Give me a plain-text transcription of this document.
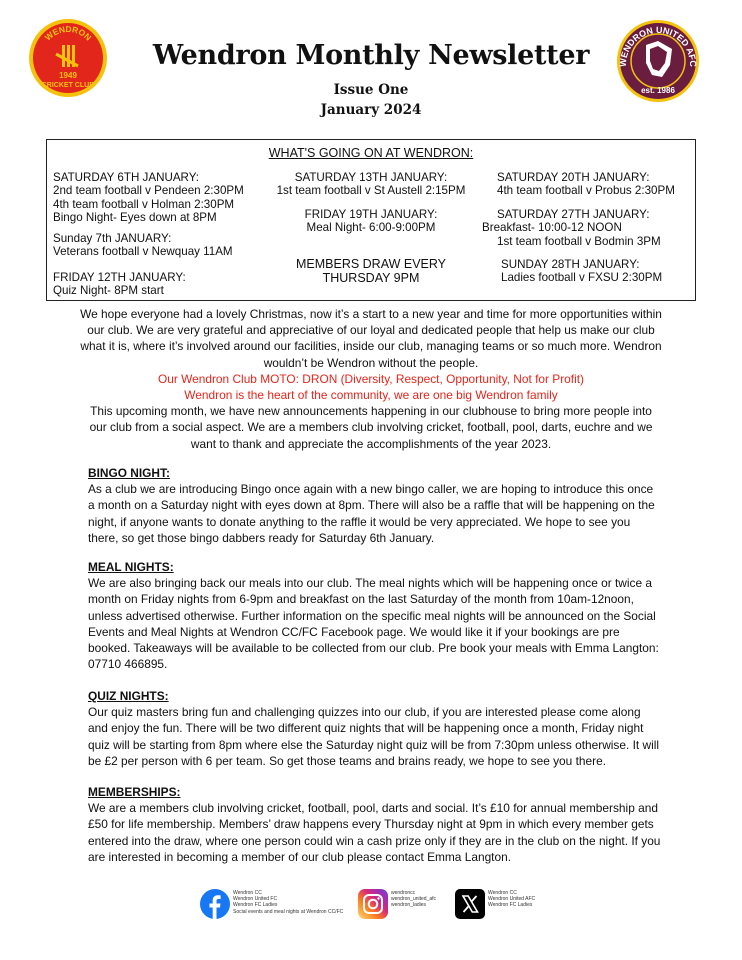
WENDRON
1949
CRICKET CLUB
Wendron Monthly Newsletter
Issue One
January 2024
WENDRON UNITED AFC
est. 1986
WHAT'S GOING ON AT WENDRON:
SATURDAY 6TH JANUARY:
2nd team football v Pendeen 2:30PM
4th team football v Holman 2:30PM
Bingo Night- Eyes down at 8PM
Sunday 7th JANUARY:
Veterans football v Newquay 11AM
FRIDAY 12TH JANUARY:
Quiz Night- 8PM start
SATURDAY 13TH JANUARY:
1st team football v St Austell 2:15PM
FRIDAY 19TH JANUARY:
Meal Night- 6:00-9:00PM
MEMBERS DRAW EVERY
THURSDAY 9PM
SATURDAY 20TH JANUARY:
4th team football v Probus 2:30PM
SATURDAY 27TH JANUARY:
Breakfast- 10:00-12 NOON
1st team football v Bodmin 3PM
SUNDAY 28TH JANUARY:
Ladies football v FXSU 2:30PM

We hope everyone had a lovely Christmas, now it’s a start to a new year and time for more opportunities within our club. We are very grateful and appreciative of our loyal and dedicated people that help us make our club what it is, where it’s involved around our facilities, inside our club, managing teams or so much more. Wendron wouldn’t be Wendron without the people.

Our Wendron Club MOTO: DRON (Diversity, Respect, Opportunity, Not for Profit)

Wendron is the heart of the community, we are one big Wendron family

This upcoming month, we have new announcements happening in our clubhouse to bring more people into our club from a social aspect. We are a members club involving cricket, football, pool, darts, euchre and we want to thank and appreciate the accomplishments of the year 2023.

BINGO NIGHT:

As a club we are introducing Bingo once again with a new bingo caller, we are hoping to introduce this once a month on a Saturday night with eyes down at 8pm. There will also be a raffle that will be happening on the night, if anyone wants to donate anything to the raffle it would be very appreciated. We hope to see you there, so get those bingo dabbers ready for Saturday 6th January.

MEAL NIGHTS:

We are also bringing back our meals into our club. The meal nights which will be happening once or twice a month on Friday nights from 6-9pm and breakfast on the last Saturday of the month from 10am-12noon, unless advertised otherwise. Further information on the specific meal nights will be announced on the Social Events and Meal Nights at Wendron CC/FC Facebook page. We would like it if your bookings are pre booked. Takeaways will be available to be collected from our club. Pre book your meals with Emma Langton: 07710 466895.

QUIZ NIGHTS:

Our quiz masters bring fun and challenging quizzes into our club, if you are interested please come along and enjoy the fun. There will be two different quiz nights that will be happening once a month, Friday night quiz will be starting from 8pm where else the Saturday night quiz will be from 7:30pm unless otherwise. It will be £2 per person with 6 per team. So get those teams and brains ready, we hope to see you there.

MEMBERSHIPS:

We are a members club involving cricket, football, pool, darts and social. It’s £10 for annual membership and £50 for life membership. Members’ draw happens every Thursday night at 9pm in which every member gets entered into the draw, where one person could win a cash prize only if they are in the club on the night. If you are interested in becoming a member of our club please contact Emma Langton.

Wendron CC
Wendron United FC
Wendron FC Ladies
Social events and meal nights at Wendron CC/FC
wendroncc
wendron_united_afc
wendron_ladies
Wendron CC
Wendron United AFC
Wendron FC Ladies
